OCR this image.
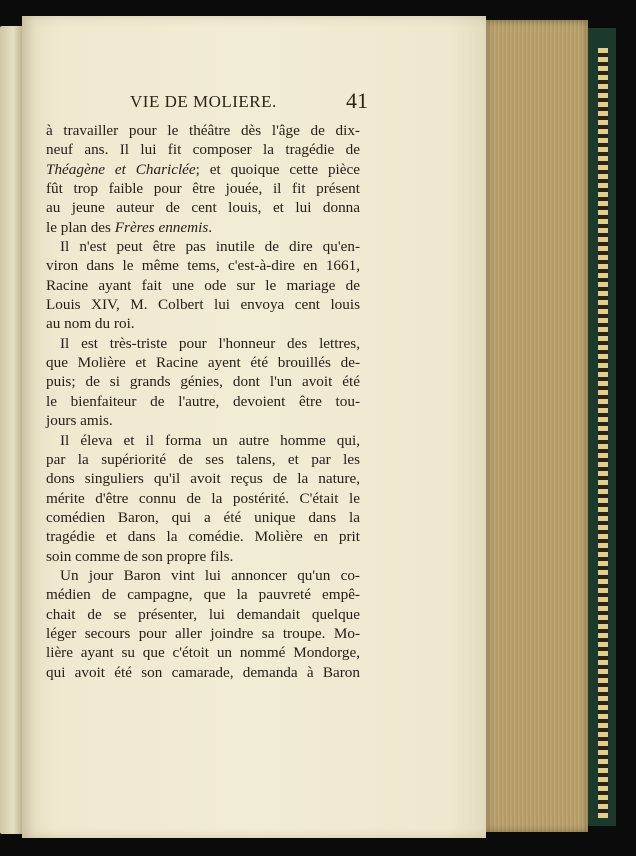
VIE DE MOLIERE.	41
à travailler pour le théâtre dès l'âge de dix-
neuf ans. Il lui fit composer la tragédie de
Théagène et Chariclée; et quoique cette pièce
fût trop faible pour être jouée, il fit présent
au jeune auteur de cent louis, et lui donna
le plan des Frères ennemis.
Il n'est peut être pas inutile de dire qu'en-
viron dans le même tems, c'est-à-dire en 1661,
Racine ayant fait une ode sur le mariage de
Louis XIV, M. Colbert lui envoya cent louis
au nom du roi.
Il est très-triste pour l'honneur des lettres,
que Molière et Racine ayent été brouillés de-
puis; de si grands génies, dont l'un avoit été
le bienfaiteur de l'autre, devoient être tou-
jours amis.
Il éleva et il forma un autre homme qui,
par la supériorité de ses talens, et par les
dons singuliers qu'il avoit reçus de la nature,
mérite d'être connu de la postérité. C'était le
comédien Baron, qui a été unique dans la
tragédie et dans la comédie. Molière en prit
soin comme de son propre fils.
Un jour Baron vint lui annoncer qu'un co-
médien de campagne, que la pauvreté empê-
chait de se présenter, lui demandait quelque
léger secours pour aller joindre sa troupe. Mo-
lière ayant su que c'étoit un nommé Mondorge,
qui avoit été son camarade, demanda à Baron
